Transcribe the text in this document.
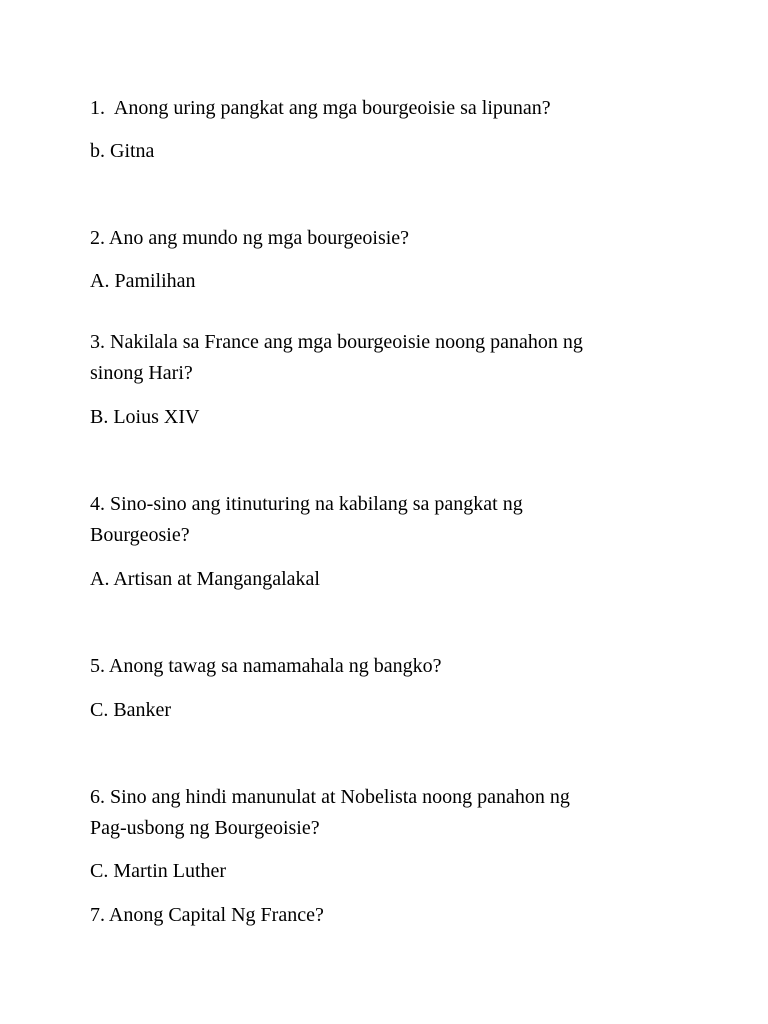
1.  Anong uring pangkat ang mga bourgeoisie sa lipunan?
b. Gitna
2. Ano ang mundo ng mga bourgeoisie?
A. Pamilihan
3. Nakilala sa France ang mga bourgeoisie noong panahon ng
sinong Hari?
B. Loius XIV
4. Sino-sino ang itinuturing na kabilang sa pangkat ng
Bourgeosie?
A. Artisan at Mangangalakal
5. Anong tawag sa namamahala ng bangko?
C. Banker
6. Sino ang hindi manunulat at Nobelista noong panahon ng
Pag-usbong ng Bourgeoisie?
C. Martin Luther
7. Anong Capital Ng France?
